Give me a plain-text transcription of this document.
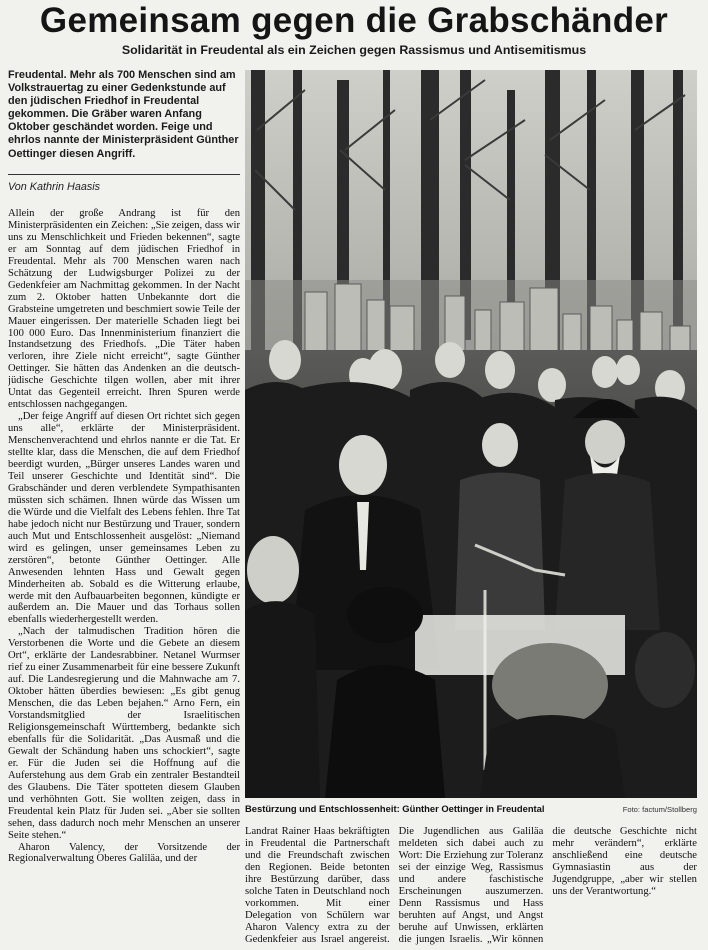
Gemeinsam gegen die Grabschänder
Solidarität in Freudental als ein Zeichen gegen Rassismus und Antisemitismus

Freudental. Mehr als 700 Menschen sind am Volkstrauertag zu einer Gedenkstunde auf den jüdischen Friedhof in Freudental gekommen. Die Gräber waren Anfang Oktober geschändet worden. Feige und ehrlos nannte der Ministerpräsident Günther Oettinger diesen Angriff.

Von Kathrin Haasis

Allein der große Andrang ist für den Ministerpräsidenten ein Zeichen: „Sie zeigen, dass wir uns zu Menschlichkeit und Frieden bekennen“, sagte er am Sonntag auf dem jüdischen Friedhof in Freudental. Mehr als 700 Menschen waren nach Schätzung der Ludwigsburger Polizei zu der Gedenkfeier am Nachmittag gekommen. In der Nacht zum 2. Oktober hatten Unbekannte dort die Grabsteine umgetreten und beschmiert sowie Teile der Mauer eingerissen. Der materielle Schaden liegt bei 100 000 Euro. Das Innenministerium finanziert die Instandsetzung des Friedhofs. „Die Täter haben verloren, ihre Ziele nicht erreicht“, sagte Günther Oettinger. Sie hätten das Andenken an die deutsch-jüdische Geschichte tilgen wollen, aber mit ihrer Untat das Gegenteil erreicht. Ihren Spuren werde entschlossen nachgegangen.

„Der feige Angriff auf diesen Ort richtet sich gegen uns alle“, erklärte der Ministerpräsident. Menschenverachtend und ehrlos nannte er die Tat. Er stellte klar, dass die Menschen, die auf dem Friedhof beerdigt wurden, „Bürger unseres Landes waren und Teil unserer Geschichte und Identität sind“. Die Grabschänder und deren verblendete Sympathisanten müssten sich schämen. Ihnen würde das Wissen um die Würde und die Vielfalt des Lebens fehlen. Ihre Tat habe jedoch nicht nur Bestürzung und Trauer, sondern auch Mut und Entschlossenheit ausgelöst: „Niemand wird es gelingen, unser gemeinsames Leben zu zerstören“, betonte Günther Oettinger. Alle Anwesenden lehnten Hass und Gewalt gegen Minderheiten ab. Sobald es die Witterung erlaube, werde mit den Aufbauarbeiten begonnen, kündigte er außerdem an. Die Mauer und das Torhaus sollen ebenfalls wiederhergestellt werden.

„Nach der talmudischen Tradition hören die Verstorbenen die Worte und die Gebete an diesem Ort“, erklärte der Landesrabbiner. Netanel Wurmser rief zu einer Zusammenarbeit für eine bessere Zukunft auf. Die Landesregierung und die Mahnwache am 7. Oktober hätten überdies bewiesen: „Es gibt genug Menschen, die das Leben bejahen.“ Arno Fern, ein Vorstandsmitglied der Israelitischen Religionsgemeinschaft Württemberg, bedankte sich ebenfalls für die Solidarität. „Das Ausmaß und die Gewalt der Schändung haben uns schockiert“, sagte er. Für die Juden sei die Hoffnung auf die Auferstehung aus dem Grab ein zentraler Bestandteil des Glaubens. Die Täter spotteten diesem Glauben und verhöhnten Gott. Sie wollten zeigen, dass in Freudental kein Platz für Juden sei. „Aber sie sollten sehen, dass dadurch noch mehr Menschen an unserer Seite stehen.“

Aharon Valency, der Vorsitzende der Regionalverwaltung Oberes Galiläa, und der

Bestürzung und Entschlossenheit: Günther Oettinger in Freudental	Foto: factum/Stollberg

Landrat Rainer Haas bekräftigten in Freudental die Partnerschaft und die Freundschaft zwischen den Regionen. Beide betonten ihre Bestürzung darüber, dass solche Taten in Deutschland noch vorkommen. Mit einer Delegation von Schülern war Aharon Valency extra zu der Gedenkfeier aus Israel angereist. Die Jugendlichen aus Galiläa meldeten sich dabei auch zu Wort: Die Erziehung zur Toleranz sei der einzige Weg, Rassismus und andere faschistische Erscheinungen auszumerzen. Denn Rassismus und Hass beruhten auf Angst, und Angst beruhe auf Unwissen, erklärten die jungen Israelis. „Wir können die deutsche Geschichte nicht mehr verändern“, erklärte anschließend eine deutsche Gymnasiastin aus der Jugendgruppe, „aber wir stellen uns der Verantwortung.“
